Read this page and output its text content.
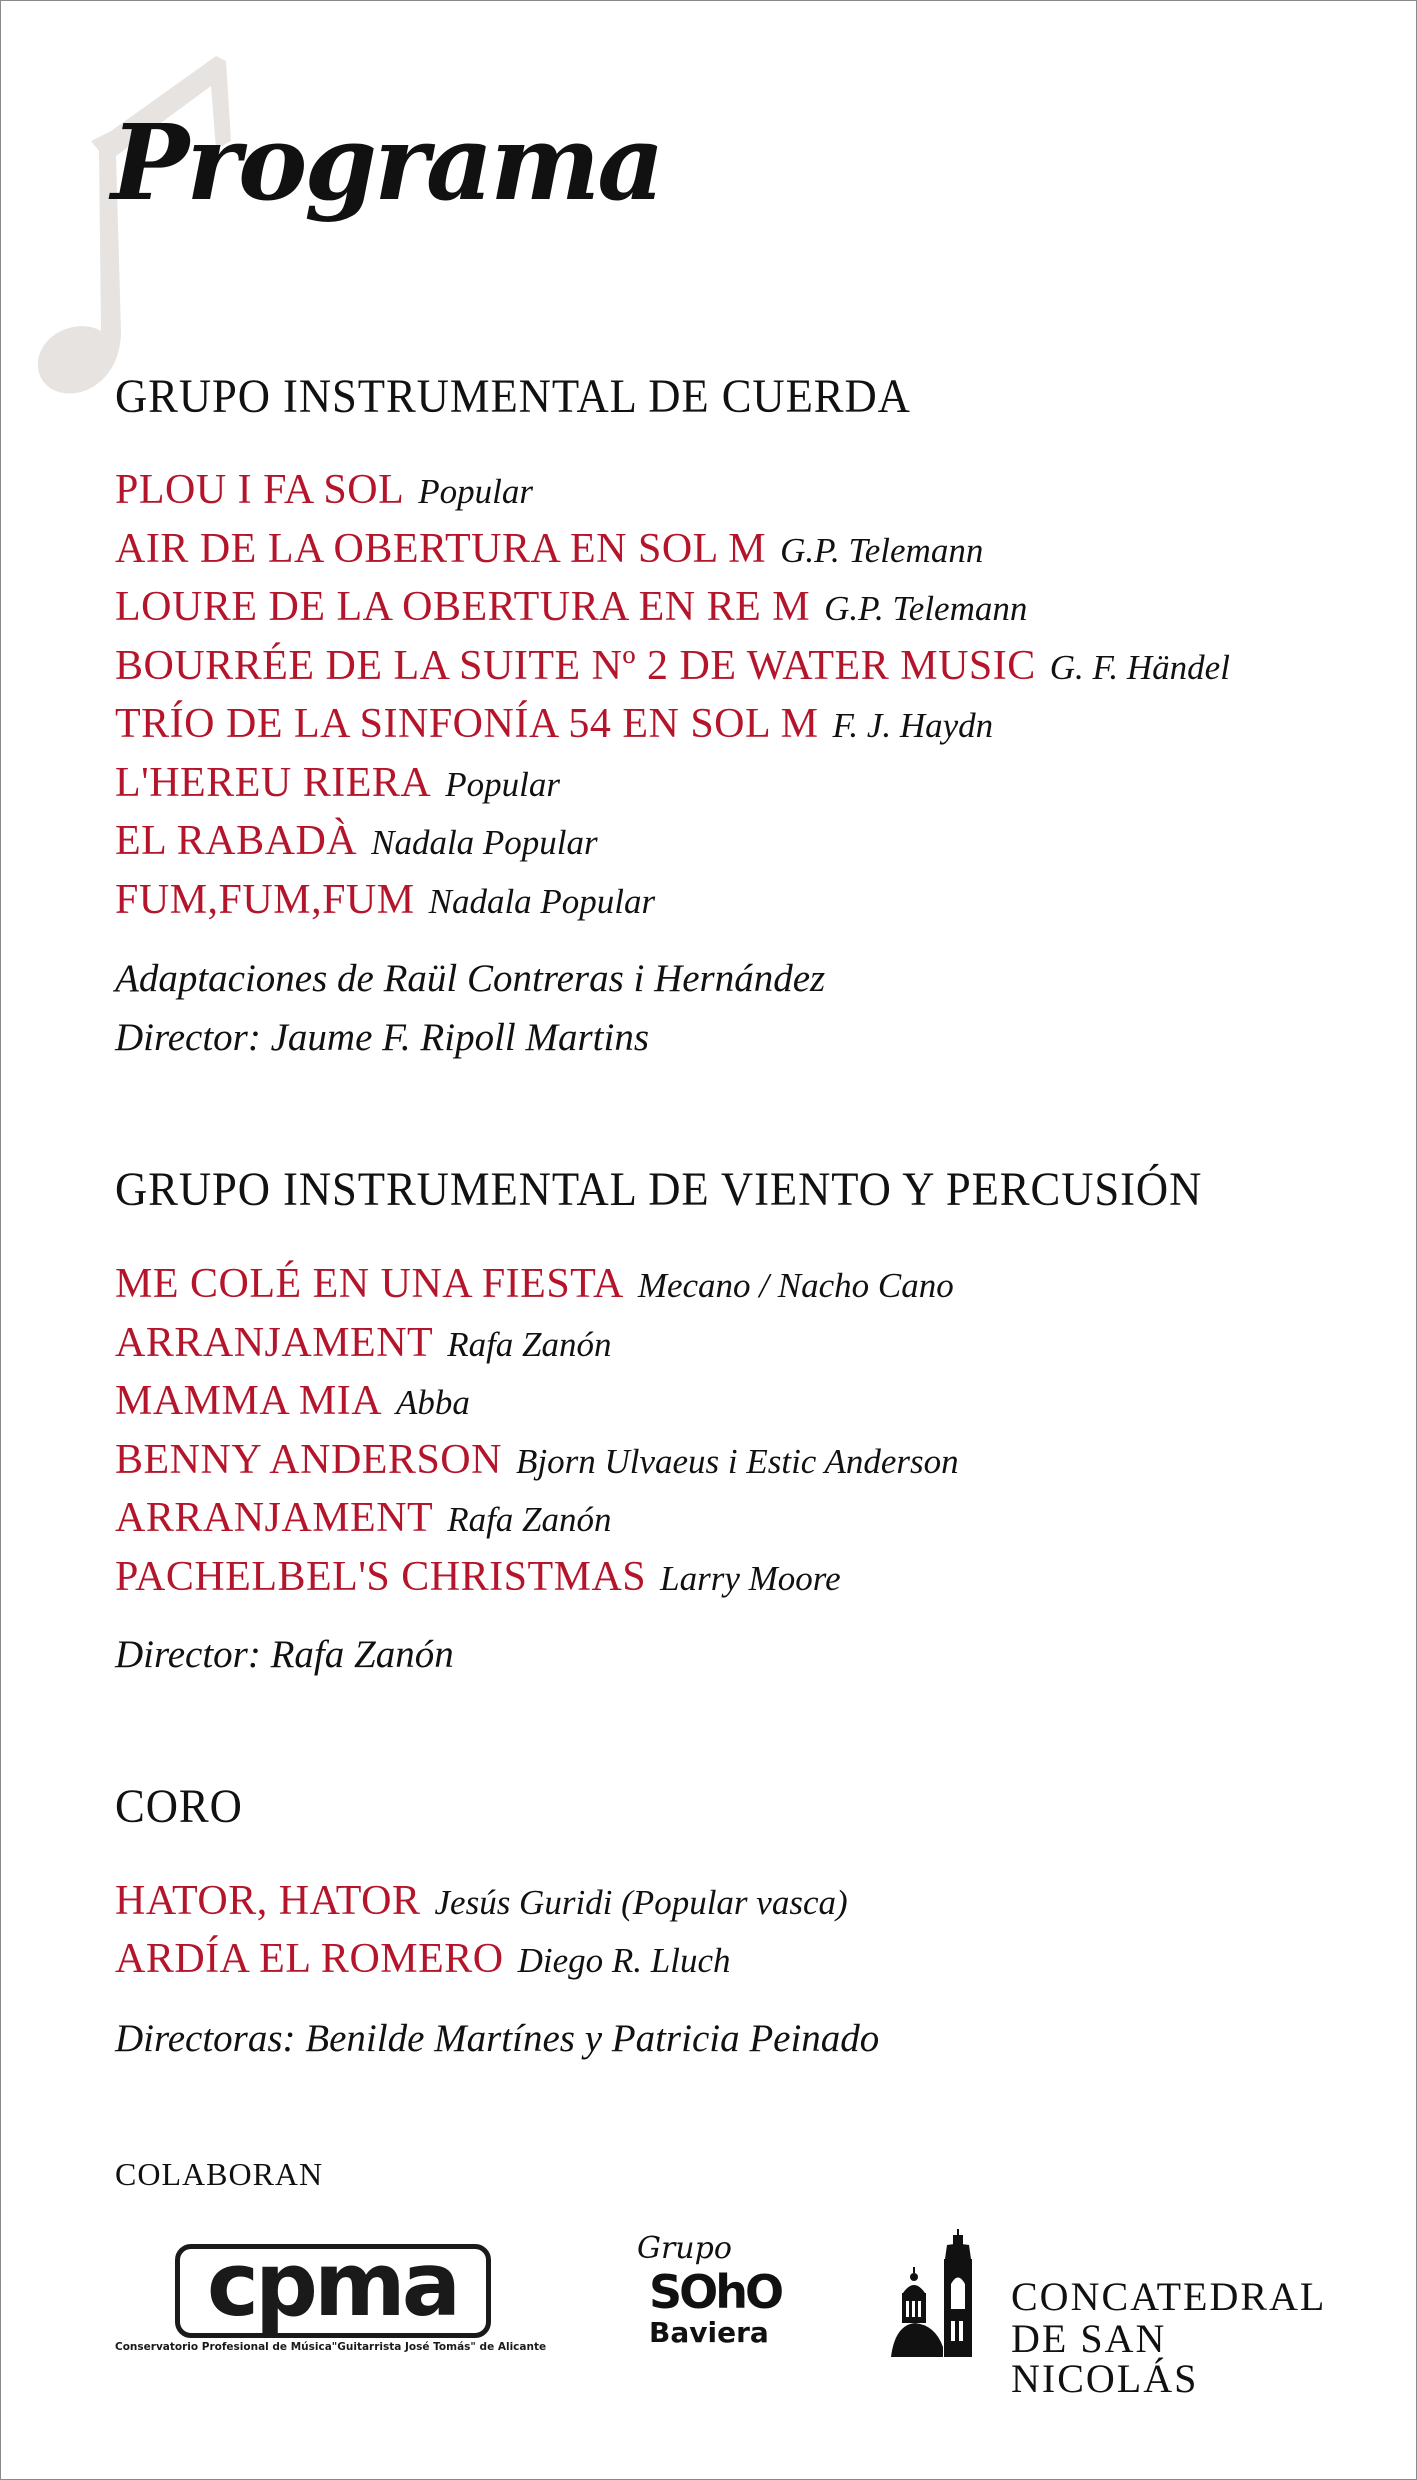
Programa
GRUPO INSTRUMENTAL DE CUERDA
PLOU I FA SOL Popular
AIR DE LA OBERTURA EN SOL M G.P. Telemann
LOURE DE LA OBERTURA EN RE M G.P. Telemann
BOURRÉE DE LA SUITE Nº 2 DE WATER MUSIC G. F. Händel
TRÍO DE LA SINFONÍA 54 EN SOL M F. J. Haydn
L'HEREU RIERA Popular
EL RABADÀ Nadala Popular
FUM,FUM,FUM Nadala Popular
Adaptaciones de Raül Contreras i Hernández
Director: Jaume F. Ripoll Martins
GRUPO INSTRUMENTAL DE VIENTO Y PERCUSIÓN
ME COLÉ EN UNA FIESTA Mecano / Nacho Cano
ARRANJAMENT Rafa Zanón
MAMMA MIA Abba
BENNY ANDERSON Bjorn Ulvaeus i Estic Anderson
ARRANJAMENT Rafa Zanón
PACHELBEL'S CHRISTMAS Larry Moore
Director: Rafa Zanón
CORO
HATOR, HATOR Jesús Guridi (Popular vasca)
ARDÍA EL ROMERO Diego R. Lluch
Directoras: Benilde Martínes y Patricia Peinado
COLABORAN
cpma
Conservatorio Profesional de Música"Guitarrista José Tomás" de Alicante
Grupo
SOhO
Baviera
CONCATEDRAL
DE SAN NICOLÁS
